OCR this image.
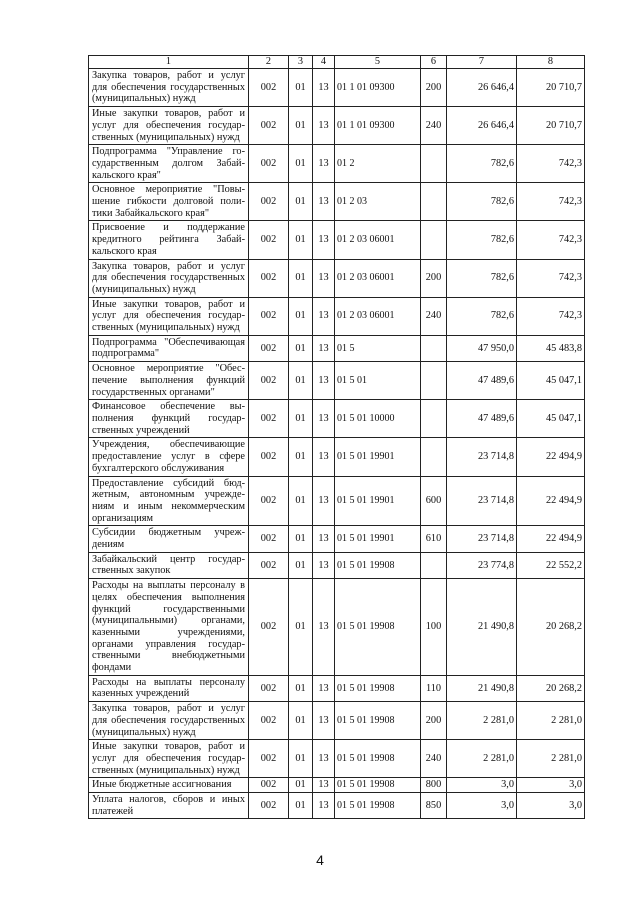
1	2	3	4	5	6	7	8
Закупка товаров, работ и услуг для обеспечения государственных (муниципальных) нужд	002	01	13	01 1 01 09300	200	26 646,4	20 710,7
Иные закупки товаров, работ и услуг для обеспечения государственных (муниципальных) нужд	002	01	13	01 1 01 09300	240	26 646,4	20 710,7
Подпрограмма "Управление государственным долгом Забайкальского края"	002	01	13	01 2		782,6	742,3
Основное мероприятие "Повышение гибкости долговой политики Забайкальского края"	002	01	13	01 2 03		782,6	742,3
Присвоение и поддержание кредитного рейтинга Забайкальского края	002	01	13	01 2 03 06001		782,6	742,3
Закупка товаров, работ и услуг для обеспечения государственных (муниципальных) нужд	002	01	13	01 2 03 06001	200	782,6	742,3
Иные закупки товаров, работ и услуг для обеспечения государственных (муниципальных) нужд	002	01	13	01 2 03 06001	240	782,6	742,3
Подпрограмма "Обеспечивающая подпрограмма"	002	01	13	01 5		47 950,0	45 483,8
Основное мероприятие "Обеспечение выполнения функций государственных органами"	002	01	13	01 5 01		47 489,6	45 047,1
Финансовое обеспечение выполнения функций государственных учреждений	002	01	13	01 5 01 10000		47 489,6	45 047,1
Учреждения, обеспечивающие предоставление услуг в сфере бухгалтерского обслуживания	002	01	13	01 5 01 19901		23 714,8	22 494,9
Предоставление субсидий бюджетным, автономным учреждениям и иным некоммерческим организациям	002	01	13	01 5 01 19901	600	23 714,8	22 494,9
Субсидии бюджетным учреждениям	002	01	13	01 5 01 19901	610	23 714,8	22 494,9
Забайкальский центр государственных закупок	002	01	13	01 5 01 19908		23 774,8	22 552,2
Расходы на выплаты персоналу в целях обеспечения выполнения функций государственными (муниципальными) органами, казенными учреждениями, органами управления государственными внебюджетными фондами	002	01	13	01 5 01 19908	100	21 490,8	20 268,2
Расходы на выплаты персоналу казенных учреждений	002	01	13	01 5 01 19908	110	21 490,8	20 268,2
Закупка товаров, работ и услуг для обеспечения государственных (муниципальных) нужд	002	01	13	01 5 01 19908	200	2 281,0	2 281,0
Иные закупки товаров, работ и услуг для обеспечения государственных (муниципальных) нужд	002	01	13	01 5 01 19908	240	2 281,0	2 281,0
Иные бюджетные ассигнования	002	01	13	01 5 01 19908	800	3,0	3,0
Уплата налогов, сборов и иных платежей	002	01	13	01 5 01 19908	850	3,0	3,0
4
